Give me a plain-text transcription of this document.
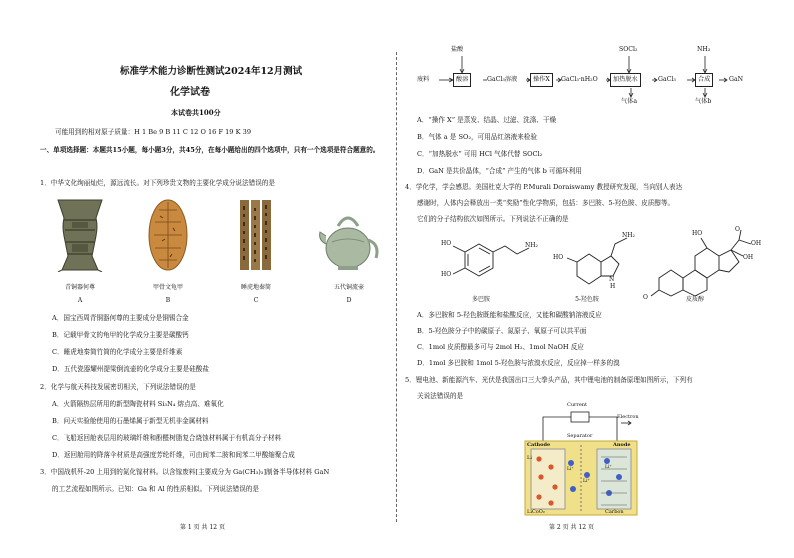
标准学术能力诊断性测试2024年12月测试
化学试卷
本试卷共100分
可能用到的相对原子质量：H 1 Be 9 B 11 C 12 O 16 F 19 K 39
一、单项选择题：本题共15小题，每小题3分，共45分，在每小题给出的四个选项中，只有一个选项是符合题意的。
1．中华文化绚丽灿烂，源远流长。对下列珍贵文物的主要化学成分说法错误的是
青铜器何尊	甲骨文龟甲	睡虎地秦简	五代铜流壶
A	B	C	D
A．国宝西周青铜器何尊的主要成分是铜锡合金
B．记载甲骨文的龟甲的化学成分主要是碳酸钙
C．睡虎地秦简竹简的化学成分主要是纤维素
D．五代瓷器耀州提梁倒流壶的化学成分主要是硅酸盐
2．化学与航天科技发展密切相关，下列说法错误的是
A．火箭隔热层所用的新型陶瓷材料 Si₃N₄ 熔点高、难氧化
B．问天实验舱使用的石墨烯属于新型无机非金属材料
C．飞船返回舱表层用的玻璃纤维和酚醛树脂复合烧蚀材料属于有机高分子材料
D．返回舱用的降落伞材质是高强度芳纶纤维，可由间苯二胺和间苯二甲酸缩聚合成
3．中国战机歼-20 上用到的氮化镓材料。以含镓废料[主要成分为 Ga(CH₃)₃]制备半导体材料 GaN
的工艺流程如图所示。已知：Ga 和 Al 的性质相似。下列说法错误的是
第 1 页 共 12 页
盐酸	SOCl₂	NH₃
废料	酸溶	GaCl₃溶液	操作X	GaCl₃·nH₂O	加热脱水	GaCl₃	合成	GaN
气体a	气体b
A．“操作 X” 是蒸发、结晶、过滤、洗涤、干燥
B．气体 a 是 SO₂，可用品红溶液来检验
C．“加热脱水” 可用 HCl 气体代替 SOCl₂
D．GaN 是共价晶体，“合成” 产生的气体 b 可循环利用
4．学化学，学会感恩。美国杜克大学的 P.Murali Doraiswamy 教授研究发现，当向别人表达
感谢时，人体内会释放出一类“奖励”性化学物质，包括：多巴胺、5-羟色胺、皮质醇等。
它们的分子结构依次如图所示。下列说法不正确的是
HO
HO
NH₂
HO
NH₂
N
H
O
HO
O
OH
OH
多巴胺	5-羟色胺	皮质醇
A．多巴胺和 5-羟色胺既能和盐酸反应，又能和碳酸钠溶液反应
B．5-羟色胺分子中的碳原子、氮原子、氧原子可以共平面
C．1mol 皮质醇最多可与 2mol H₂、1mol NaOH 反应
D．1mol 多巴胺和 1mol 5-羟色胺与浓溴水反应，反应掉一样多的溴
5．锂电池、新能源汽车、光伏是我国出口三大拳头产品，其中锂电池的制备原理如图所示，下列有
关说法错误的是
Current
Electron
Separator
Cathode	Anode
Li
Li⁺
Li⁺
Li⁺
LiCoO₂	Carbon
第 2 页 共 12 页
